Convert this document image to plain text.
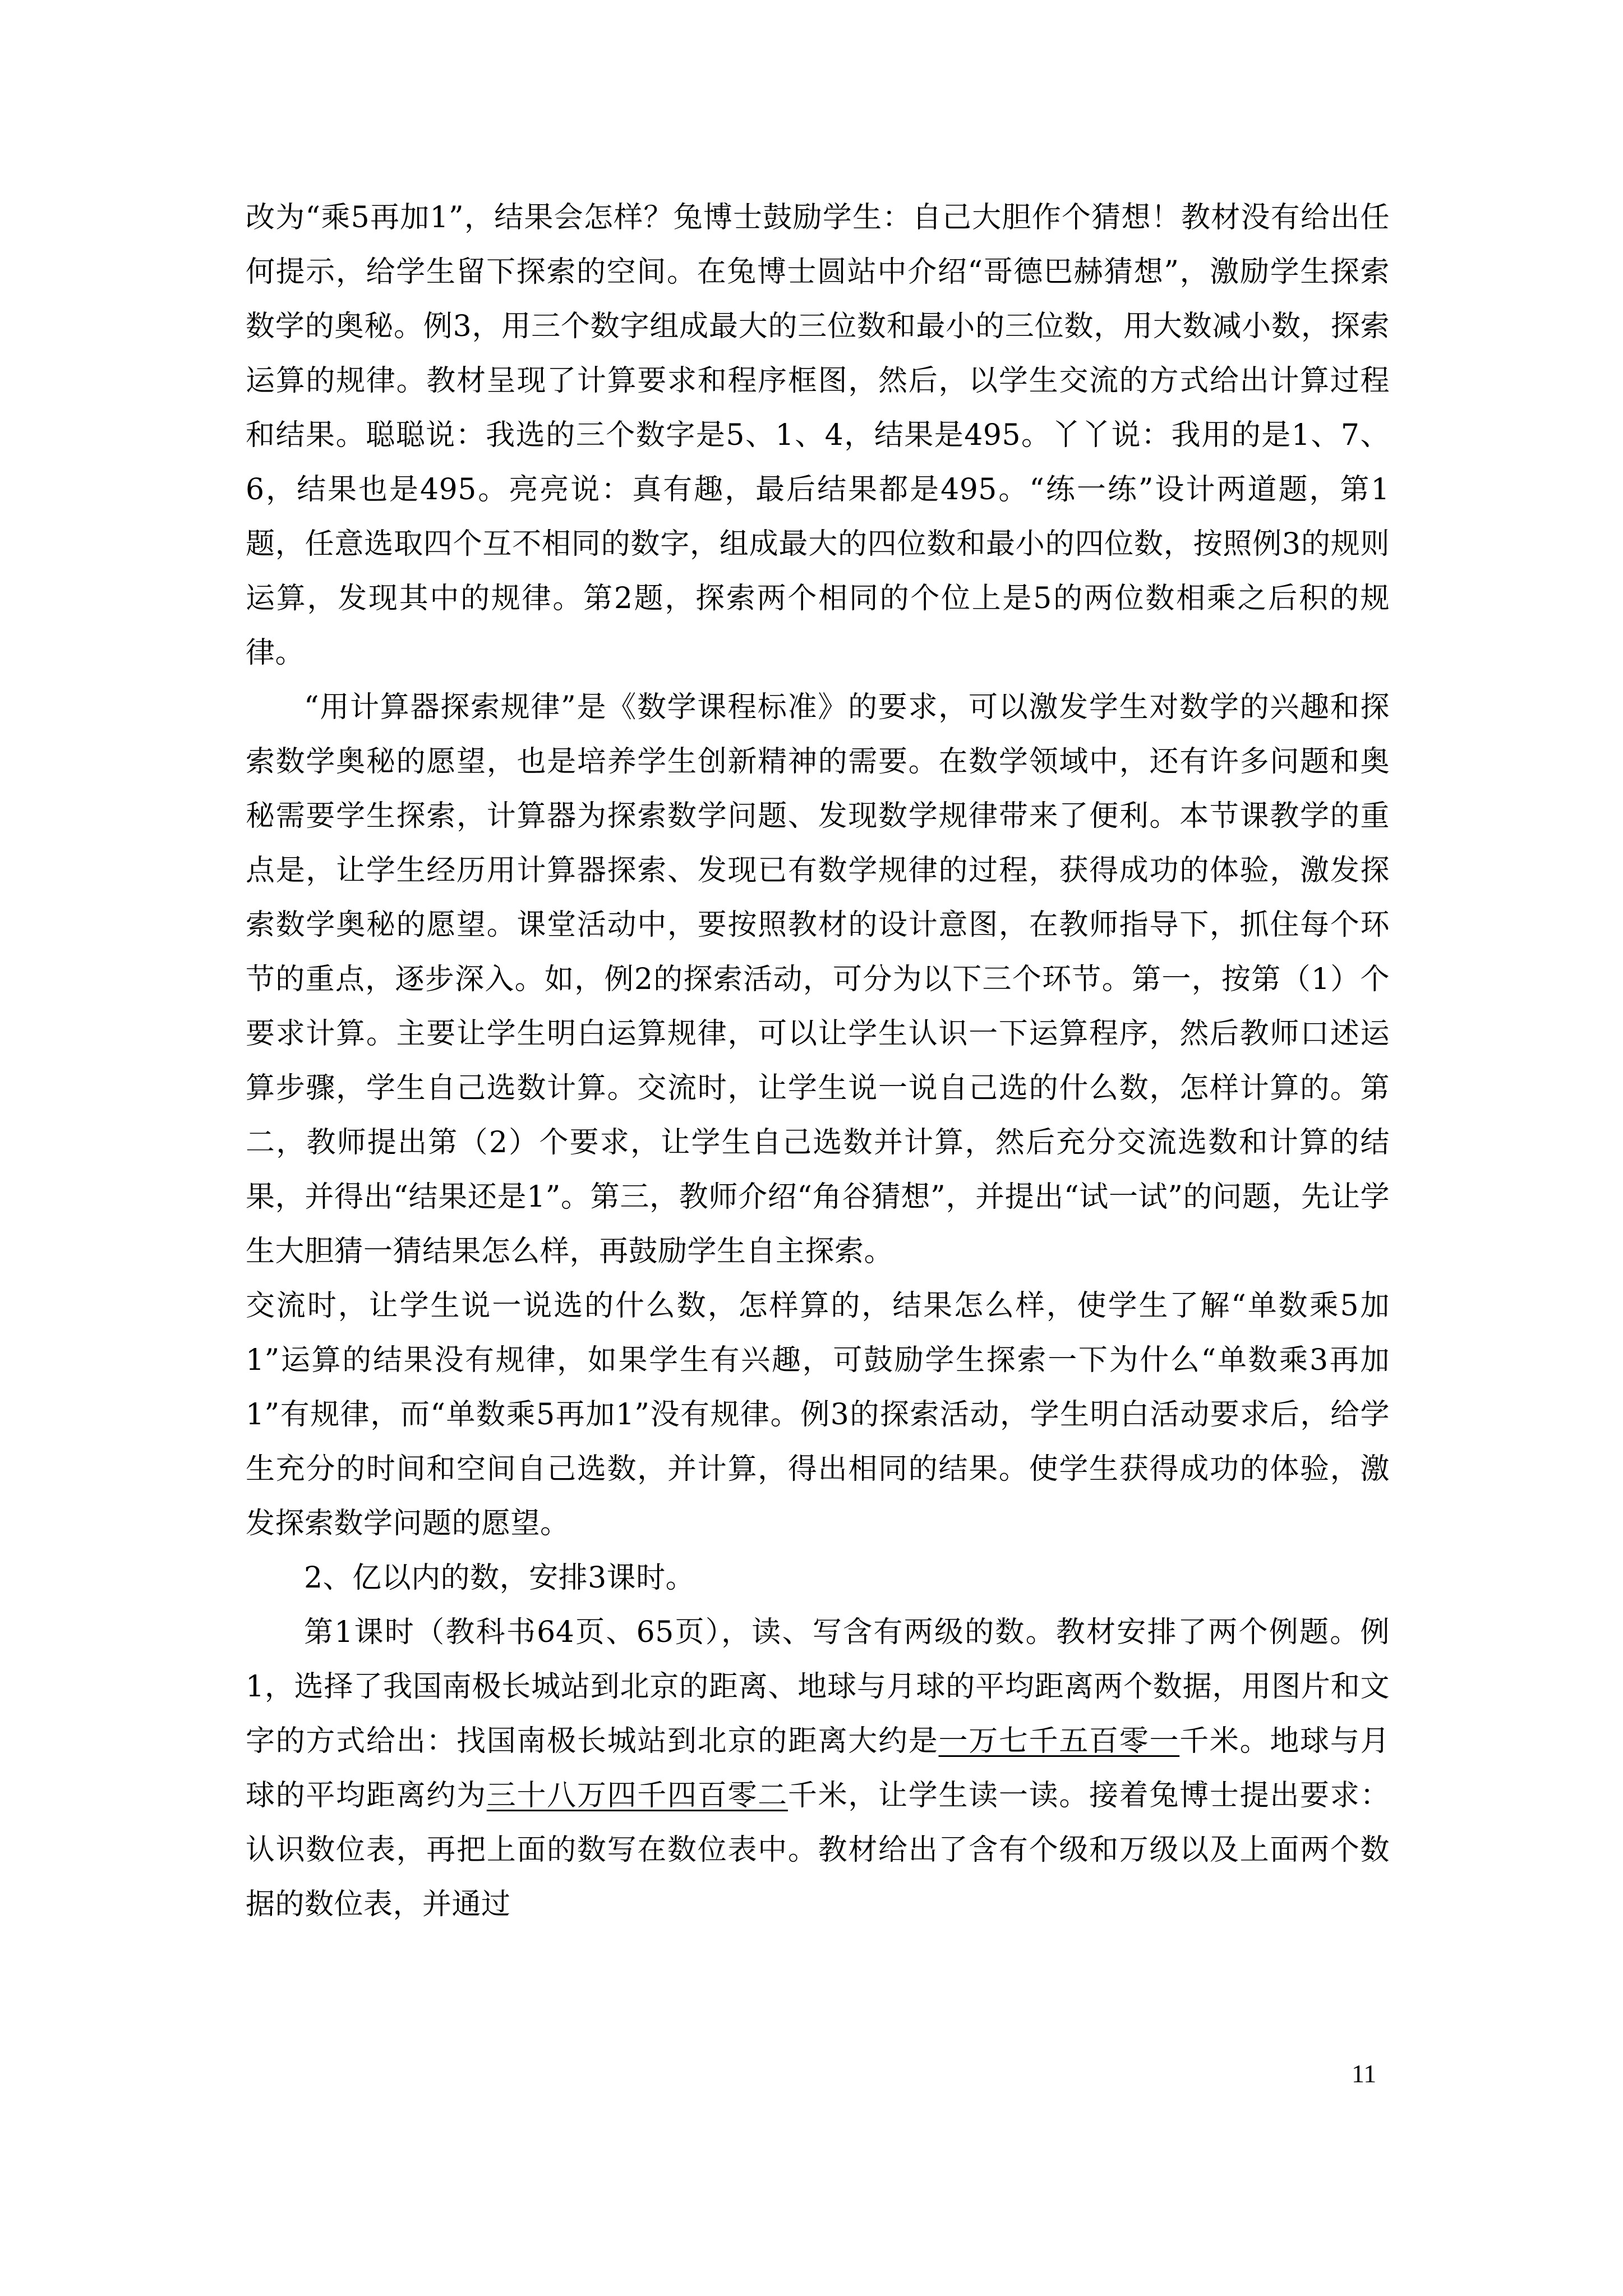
改为“乘5再加1”，结果会怎样？兔博士鼓励学生：自己大胆作个猜想！教材没有给出任何提示，给学生留下探索的空间。在兔博士圆站中介绍“哥德巴赫猜想”，激励学生探索数学的奥秘。例3，用三个数字组成最大的三位数和最小的三位数，用大数减小数，探索运算的规律。教材呈现了计算要求和程序框图，然后，以学生交流的方式给出计算过程和结果。聪聪说：我选的三个数字是5、1、4，结果是495。丫丫说：我用的是1、7、6，结果也是495。亮亮说：真有趣，最后结果都是495。“练一练”设计两道题，第1题，任意选取四个互不相同的数字，组成最大的四位数和最小的四位数，按照例3的规则运算，发现其中的规律。第2题，探索两个相同的个位上是5的两位数相乘之后积的规律。

“用计算器探索规律”是《数学课程标准》的要求，可以激发学生对数学的兴趣和探索数学奥秘的愿望，也是培养学生创新精神的需要。在数学领域中，还有许多问题和奥秘需要学生探索，计算器为探索数学问题、发现数学规律带来了便利。本节课教学的重点是，让学生经历用计算器探索、发现已有数学规律的过程，获得成功的体验，激发探索数学奥秘的愿望。课堂活动中，要按照教材的设计意图，在教师指导下，抓住每个环节的重点，逐步深入。如，例2的探索活动，可分为以下三个环节。第一，按第（1）个要求计算。主要让学生明白运算规律，可以让学生认识一下运算程序，然后教师口述运算步骤，学生自己选数计算。交流时，让学生说一说自己选的什么数，怎样计算的。第二，教师提出第（2）个要求，让学生自己选数并计算，然后充分交流选数和计算的结果，并得出“结果还是1”。第三，教师介绍“角谷猜想”，并提出“试一试”的问题，先让学生大胆猜一猜结果怎么样，再鼓励学生自主探索。

交流时，让学生说一说选的什么数，怎样算的，结果怎么样，使学生了解“单数乘5加1”运算的结果没有规律，如果学生有兴趣，可鼓励学生探索一下为什么“单数乘3再加1”有规律，而“单数乘5再加1”没有规律。例3的探索活动，学生明白活动要求后，给学生充分的时间和空间自己选数，并计算，得出相同的结果。使学生获得成功的体验，激发探索数学问题的愿望。

2、亿以内的数，安排3课时。

第1课时（教科书64页、65页），读、写含有两级的数。教材安排了两个例题。例1，选择了我国南极长城站到北京的距离、地球与月球的平均距离两个数据，用图片和文字的方式给出：找国南极长城站到北京的距离大约是一万七千五百零一千米。地球与月球的平均距离约为三十八万四千四百零二千米，让学生读一读。接着兔博士提出要求：认识数位表，再把上面的数写在数位表中。教材给出了含有个级和万级以及上面两个数据的数位表，并通过

11
